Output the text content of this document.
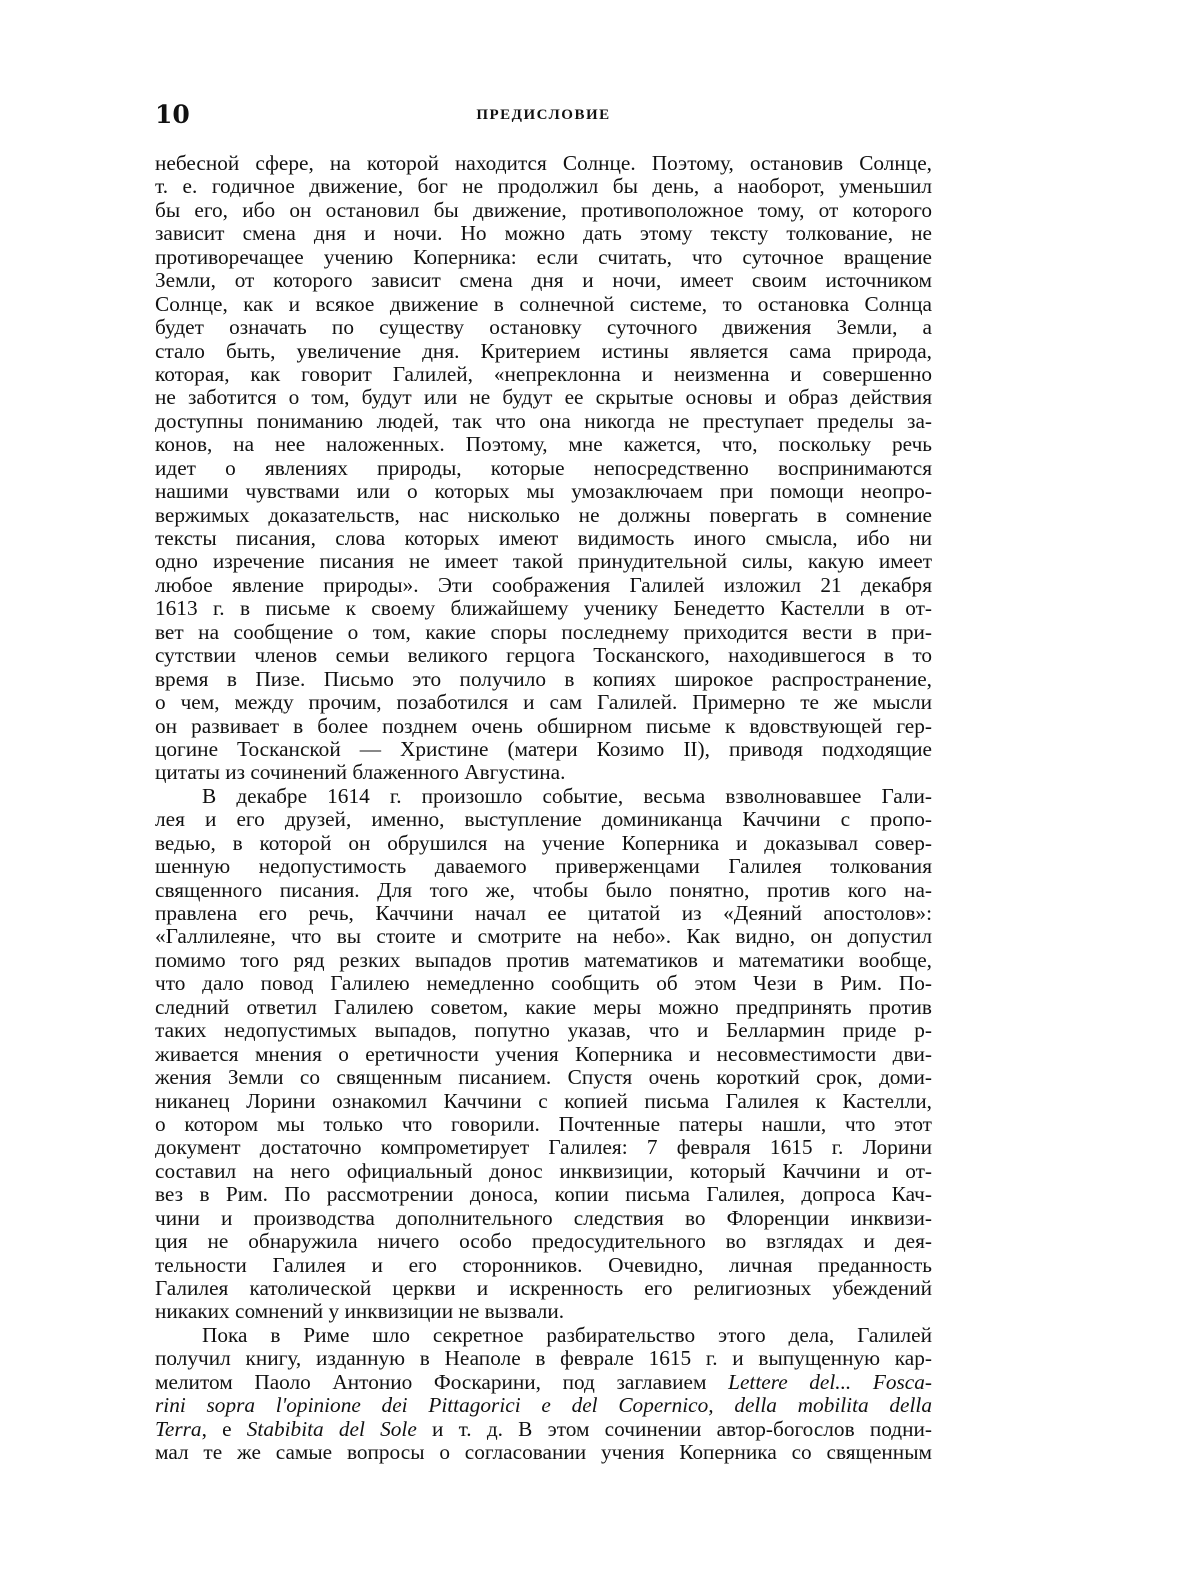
10	ПРЕДИСЛОВИЕ
небесной сфере, на которой находится Солнце. Поэтому, остановив Солнце,
т. е. годичное движение, бог не продолжил бы день, а наоборот, уменьшил
бы его, ибо он остановил бы движение, противоположное тому, от которого
зависит смена дня и ночи. Но можно дать этому тексту толкование, не
противоречащее учению Коперника: если считать, что суточное вращение
Земли, от которого зависит смена дня и ночи, имеет своим источником
Солнце, как и всякое движение в солнечной системе, то остановка Солнца
будет означать по существу остановку суточного движения Земли, а
стало быть, увеличение дня. Критерием истины является сама природа,
которая, как говорит Галилей, «непреклонна и неизменна и совершенно
не заботится о том, будут или не будут ее скрытые основы и образ действия
доступны пониманию людей, так что она никогда не преступает пределы за-
конов, на нее наложенных. Поэтому, мне кажется, что, поскольку речь
идет о явлениях природы, которые непосредственно воспринимаются
нашими чувствами или о которых мы умозаключаем при помощи неопро-
вержимых доказательств, нас нисколько не должны повергать в сомнение
тексты писания, слова которых имеют видимость иного смысла, ибо ни
одно изречение писания не имеет такой принудительной силы, какую имеет
любое явление природы». Эти соображения Галилей изложил 21 декабря
1613 г. в письме к своему ближайшему ученику Бенедетто Кастелли в от-
вет на сообщение о том, какие споры последнему приходится вести в при-
сутствии членов семьи великого герцога Тосканского, находившегося в то
время в Пизе. Письмо это получило в копиях широкое распространение,
о чем, между прочим, позаботился и сам Галилей. Примерно те же мысли
он развивает в более позднем очень обширном письме к вдовствующей гер-
цогине Тосканской — Христине (матери Козимо II), приводя подходящие
цитаты из сочинений блаженного Августина.
В декабре 1614 г. произошло событие, весьма взволновавшее Гали-
лея и его друзей, именно, выступление доминиканца Каччини с пропо-
ведью, в которой он обрушился на учение Коперника и доказывал совер-
шенную недопустимость даваемого приверженцами Галилея толкования
священного писания. Для того же, чтобы было понятно, против кого на-
правлена его речь, Каччини начал ее цитатой из «Деяний апостолов»:
«Галлилеяне, что вы стоите и смотрите на небо». Как видно, он допустил
помимо того ряд резких выпадов против математиков и математики вообще,
что дало повод Галилею немедленно сообщить об этом Чези в Рим. По-
следний ответил Галилею советом, какие меры можно предпринять против
таких недопустимых выпадов, попутно указав, что и Беллармин приде р-
живается мнения о еретичности учения Коперника и несовместимости дви-
жения Земли со священным писанием. Спустя очень короткий срок, доми-
никанец Лорини ознакомил Каччини с копией письма Галилея к Кастелли,
о котором мы только что говорили. Почтенные патеры нашли, что этот
документ достаточно компрометирует Галилея: 7 февраля 1615 г. Лорини
составил на него официальный донос инквизиции, который Каччини и от-
вез в Рим. По рассмотрении доноса, копии письма Галилея, допроса Кач-
чини и производства дополнительного следствия во Флоренции инквизи-
ция не обнаружила ничего особо предосудительного во взглядах и дея-
тельности Галилея и его сторонников. Очевидно, личная преданность
Галилея католической церкви и искренность его религиозных убеждений
никаких сомнений у инквизиции не вызвали.
Пока в Риме шло секретное разбирательство этого дела, Галилей
получил книгу, изданную в Неаполе в феврале 1615 г. и выпущенную кар-
мелитом Паоло Антонио Фоскарини, под заглавием Lettere del... Fosca-
rini sopra l'opinione dei Pittagorici e del Copernico, della mobilita della
Terra, e Stabibita del Sole и т. д. В этом сочинении автор-богослов подни-
мал те же самые вопросы о согласовании учения Коперника со священным
